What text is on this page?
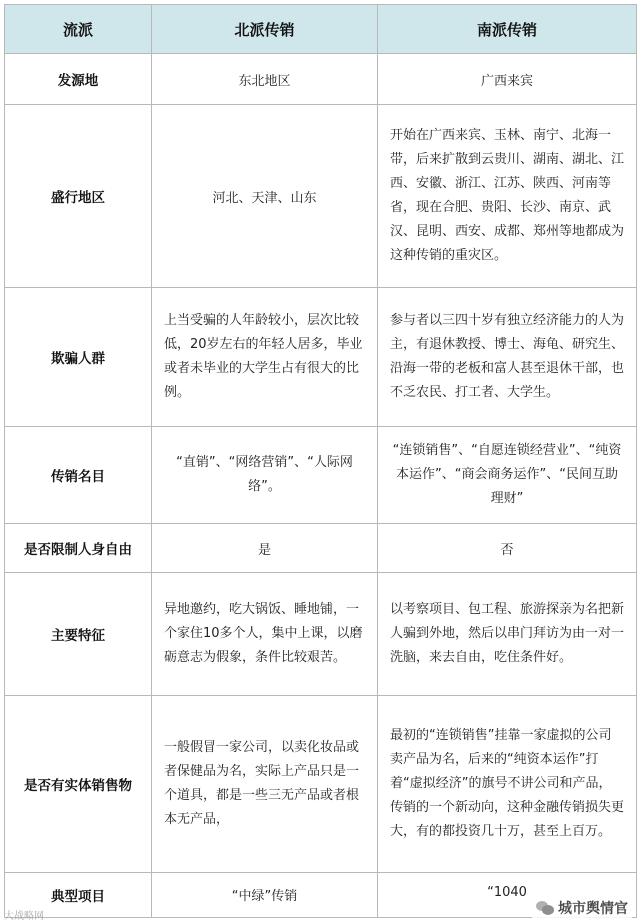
流派	北派传销	南派传销
发源地	东北地区	广西来宾
盛行地区	河北、天津、山东	开始在广西来宾、玉林、南宁、北海一带，后来扩散到云贵川、湖南、湖北、江西、安徽、浙江、江苏、陕西、河南等省，现在合肥、贵阳、长沙、南京、武汉、昆明、西安、成都、郑州等地都成为这种传销的重灾区。

欺骗人群	上当受骗的人年龄较小，层次比较低，20岁左右的年轻人居多，毕业或者未毕业的大学生占有很大的比例。	参与者以三四十岁有独立经济能力的人为主，有退休教授、博士、海龟、研究生、沿海一带的老板和富人甚至退休干部，也不乏农民、打工者、大学生。

传销名目	“直销”、“网络营销”、“人际网络”。	“连锁销售”、“自愿连锁经营业”、“纯资本运作”、“商会商务运作”、“民间互助理财”

是否限制人身自由	是	否
主要特征	异地邀约，吃大锅饭、睡地铺，一个家住10多个人，集中上课，以磨砺意志为假象，条件比较艰苦。	以考察项目、包工程、旅游探亲为名把新人骗到外地，然后以串门拜访为由一对一洗脑，来去自由，吃住条件好。

是否有实体销售物	一般假冒一家公司，以卖化妆品或者保健品为名，实际上产品只是一个道具，都是一些三无产品或者根本无产品，	最初的“连锁销售”挂靠一家虚拟的公司卖产品为名，后来的“纯资本运作”打着“虚拟经济”的旗号不讲公司和产品，传销的一个新动向，这种金融传销损失更大，有的都投资几十万，甚至上百万。

典型项目	“中绿”传销	“1040
大战略网	城市舆情官
